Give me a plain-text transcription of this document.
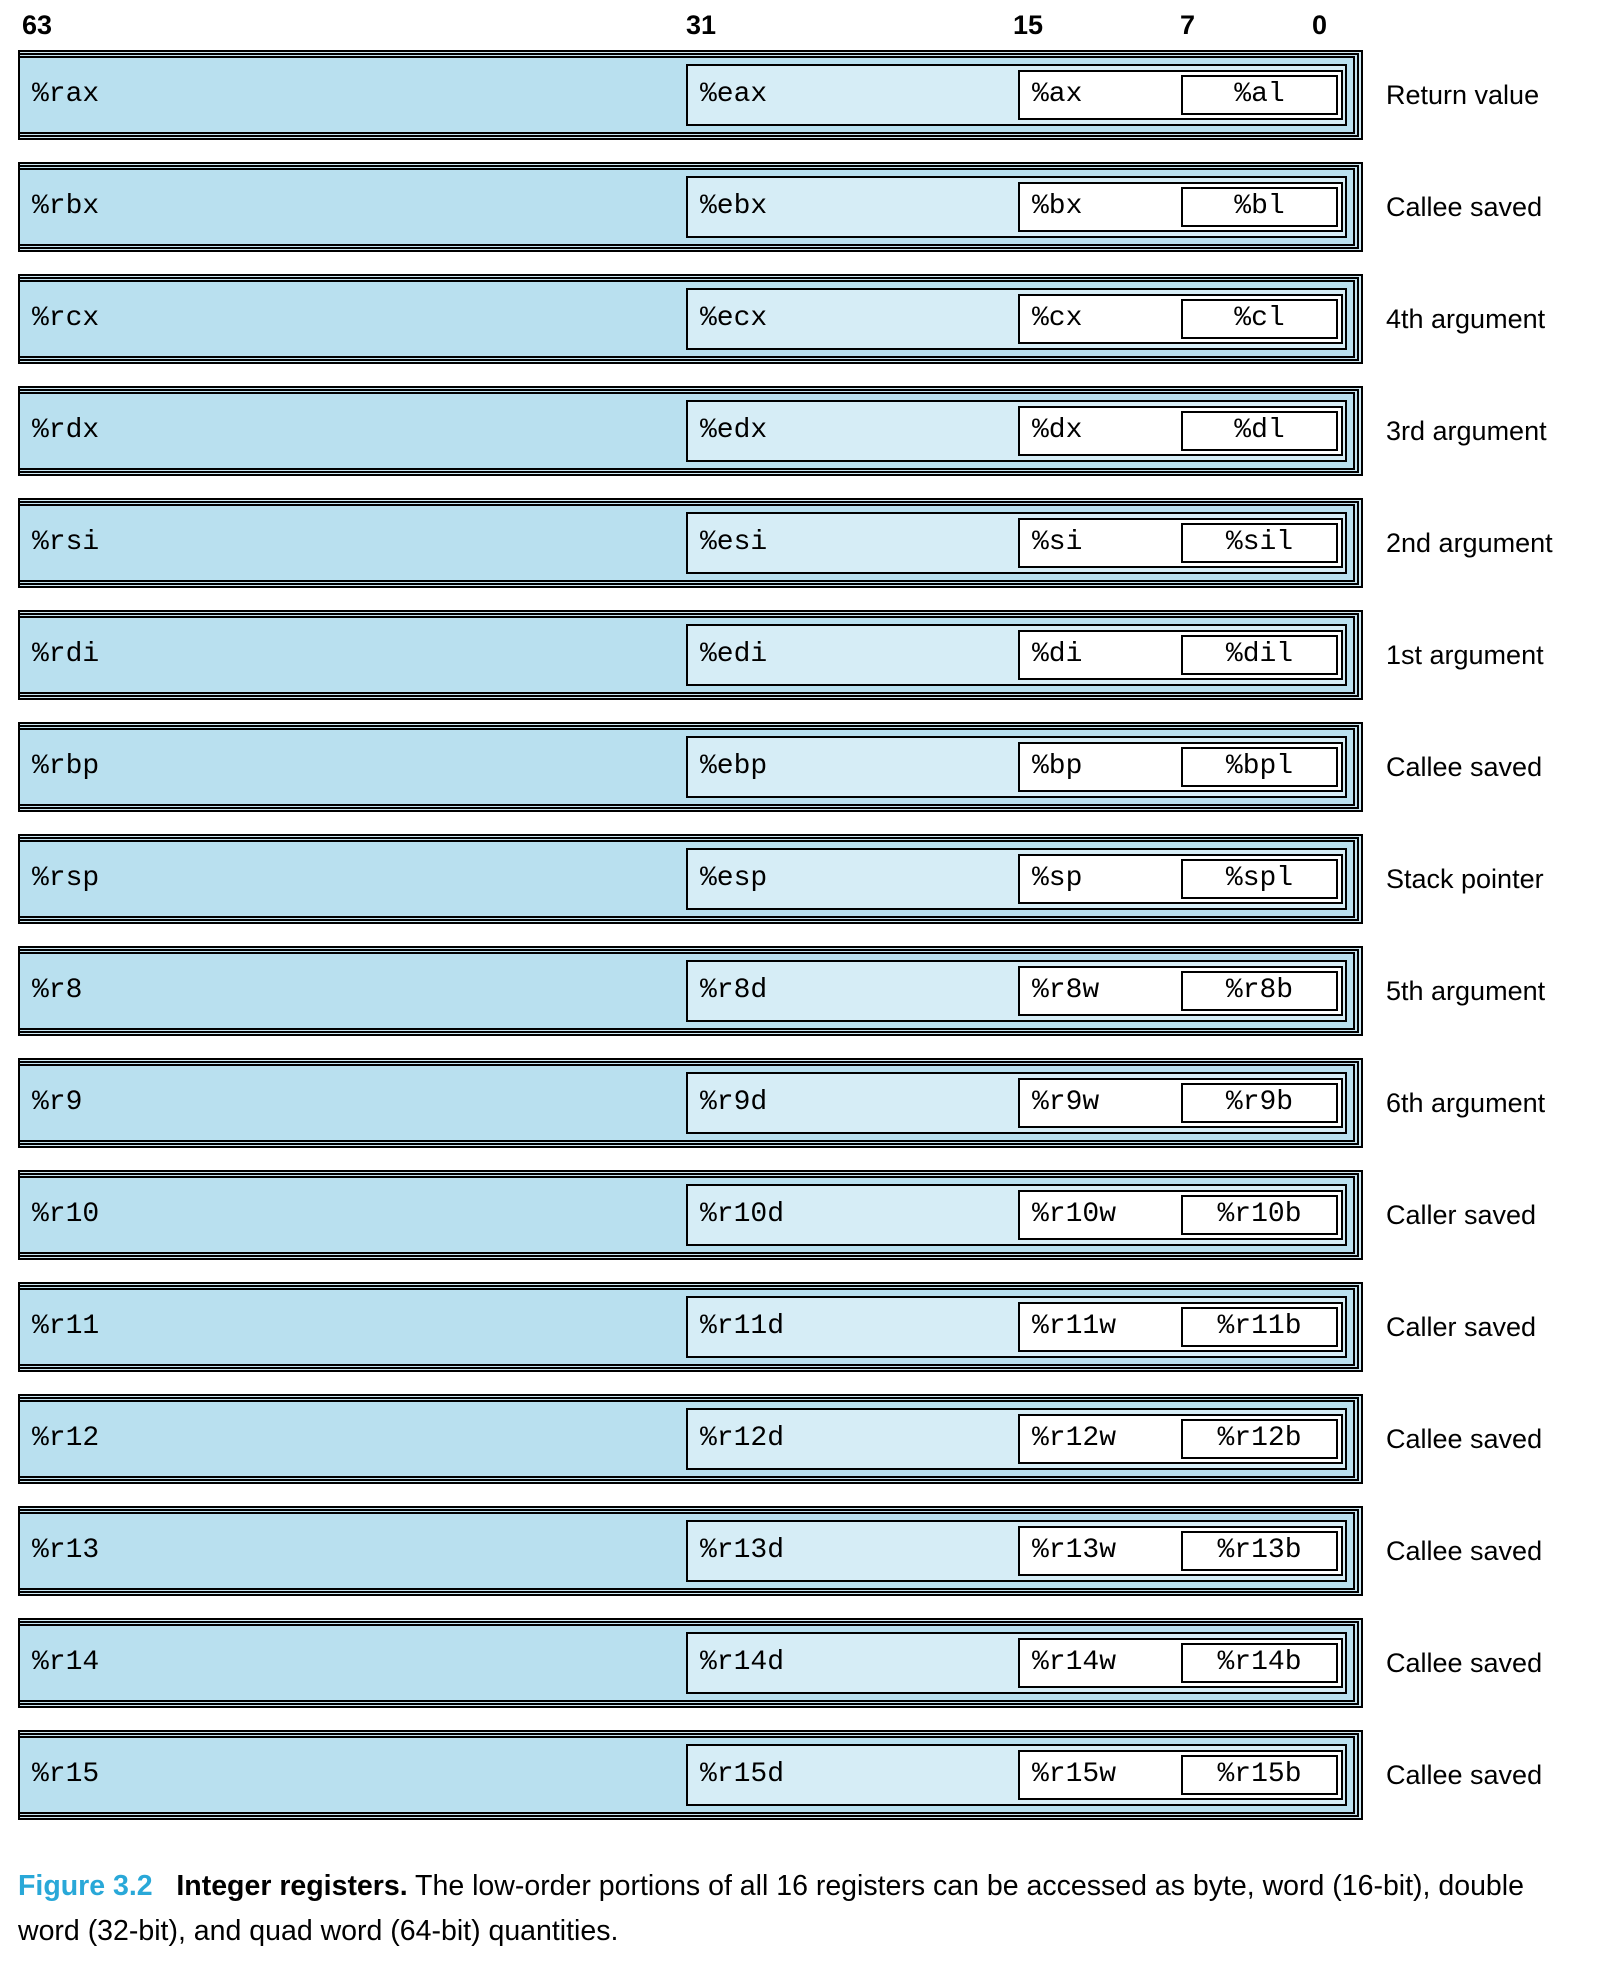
63	31	15	7	0
%rax	%eax	%ax	%al	Return value
%rbx	%ebx	%bx	%bl	Callee saved
%rcx	%ecx	%cx	%cl	4th argument
%rdx	%edx	%dx	%dl	3rd argument
%rsi	%esi	%si	%sil	2nd argument
%rdi	%edi	%di	%dil	1st argument
%rbp	%ebp	%bp	%bpl	Callee saved
%rsp	%esp	%sp	%spl	Stack pointer
%r8	%r8d	%r8w	%r8b	5th argument
%r9	%r9d	%r9w	%r9b	6th argument
%r10	%r10d	%r10w	%r10b	Caller saved
%r11	%r11d	%r11w	%r11b	Caller saved
%r12	%r12d	%r12w	%r12b	Callee saved
%r13	%r13d	%r13w	%r13b	Callee saved
%r14	%r14d	%r14w	%r14b	Callee saved
%r15	%r15d	%r15w	%r15b	Callee saved
Figure 3.2 Integer registers. The low-order portions of all 16 registers can be accessed as byte, word (16-bit), double word (32-bit), and quad word (64-bit) quantities.
